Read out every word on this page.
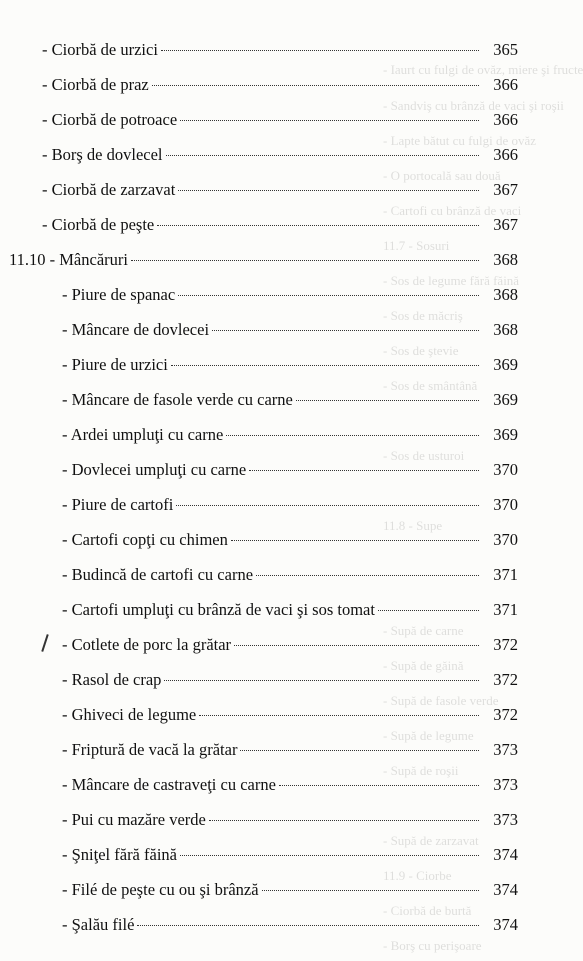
- Iaurt cu fulgi de ovăz, miere şi fructe
- Sandviş cu brânză de vaci şi roşii
- Lapte bătut cu fulgi de ovăz
- O portocală sau două
- Cartofi cu brânză de vaci
11.7 - Sosuri
- Sos de legume fără făină
- Sos de măcriş
- Sos de ştevie
- Sos de smântână
- Sos de usturoi
11.8 - Supe
- Supă de carne
- Supă de găină
- Supă de fasole verde
- Supă de legume
- Supă de roşii
- Supă de zarzavat
11.9 - Ciorbe
- Ciorbă de burtă
- Borş cu perişoare
- Ciorbă de urzici	365
- Ciorbă de praz	366
- Ciorbă de potroace	366
- Borş de dovlecel	366
- Ciorbă de zarzavat	367
- Ciorbă de peşte	367
11.10 - Mâncăruri	368
- Piure de spanac	368
- Mâncare de dovlecei	368
- Piure de urzici	369
- Mâncare de fasole verde cu carne	369
- Ardei umpluţi cu carne	369
- Dovlecei umpluţi cu carne	370
- Piure de cartofi	370
- Cartofi copţi cu chimen	370
- Budincă de cartofi cu carne	371
- Cartofi umpluţi cu brânză de vaci şi sos tomat	371
- Cotlete de porc la grătar	372
- Rasol de crap	372
- Ghiveci de legume	372
- Friptură de vacă la grătar	373
- Mâncare de castraveţi cu carne	373
- Pui cu mazăre verde	373
- Şniţel fără făină	374
- Filé de peşte cu ou şi brânză	374
- Şalău filé	374
